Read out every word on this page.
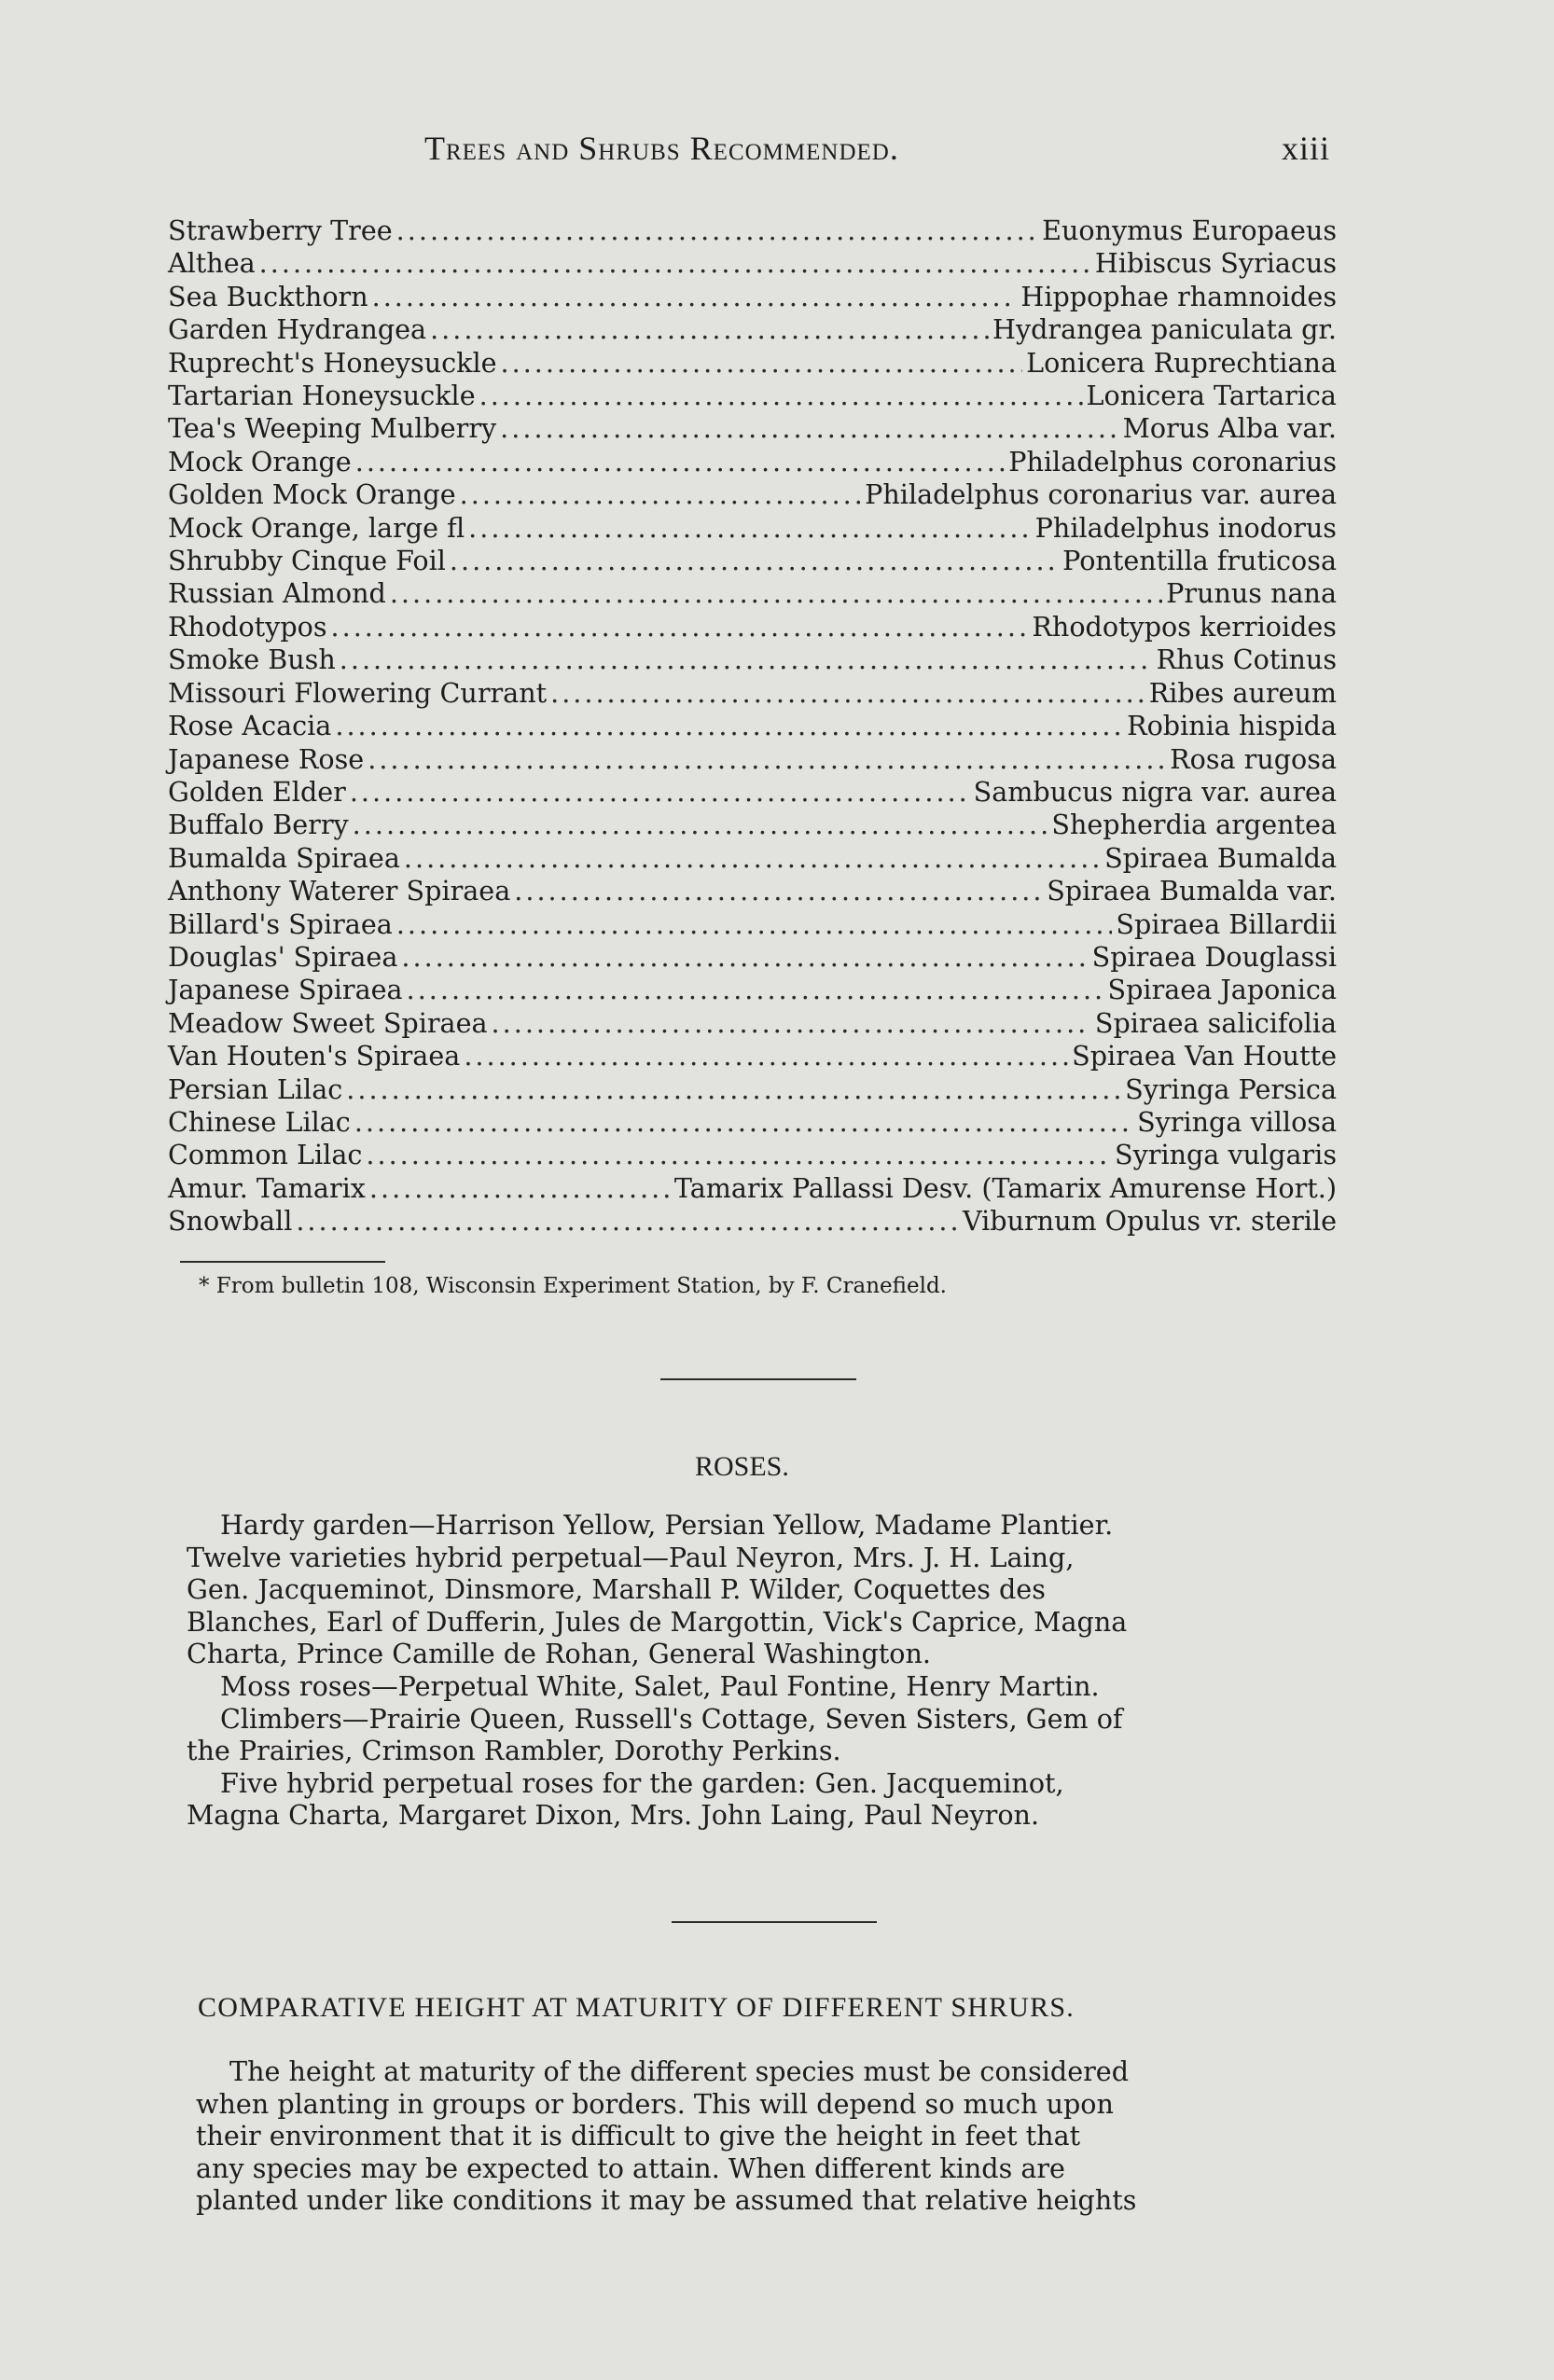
Trees and Shrubs Recommended.	xiii
Strawberry Tree .....	Euonymus Europaeus
Althea .....	Hibiscus Syriacus
Sea Buckthorn .....	Hippophae rhamnoides
Garden Hydrangea .....	Hydrangea paniculata gr.
Ruprecht's Honeysuckle .....	Lonicera Ruprechtiana
Tartarian Honeysuckle .....	Lonicera Tartarica
Tea's Weeping Mulberry .....	Morus Alba var.
Mock Orange .....	Philadelphus coronarius
Golden Mock Orange .....	Philadelphus coronarius var. aurea
Mock Orange, large fl .....	Philadelphus inodorus
Shrubby Cinque Foil .....	Pontentilla fruticosa
Russian Almond .....	Prunus nana
Rhodotypos .....	Rhodotypos kerrioides
Smoke Bush .....	Rhus Cotinus
Missouri Flowering Currant .....	Ribes aureum
Rose Acacia .....	Robinia hispida
Japanese Rose .....	Rosa rugosa
Golden Elder .....	Sambucus nigra var. aurea
Buffalo Berry .....	Shepherdia argentea
Bumalda Spiraea .....	Spiraea Bumalda
Anthony Waterer Spiraea .....	Spiraea Bumalda var.
Billard's Spiraea .....	Spiraea Billardii
Douglas' Spiraea .....	Spiraea Douglassi
Japanese Spiraea .....	Spiraea Japonica
Meadow Sweet Spiraea .....	Spiraea salicifolia
Van Houten's Spiraea .....	Spiraea Van Houtte
Persian Lilac .....	Syringa Persica
Chinese Lilac .....	Syringa villosa
Common Lilac .....	Syringa vulgaris
Amur. Tamarix .....	Tamarix Pallassi Desv. (Tamarix Amurense Hort.)
Snowball .....	Viburnum Opulus vr. sterile
* From bulletin 108, Wisconsin Experiment Station, by F. Cranefield.
ROSES.

Hardy garden—Harrison Yellow, Persian Yellow, Madame Plantier.

Twelve varieties hybrid perpetual—Paul Neyron, Mrs. J. H. Laing,

Gen. Jacqueminot, Dinsmore, Marshall P. Wilder, Coquettes des

Blanches, Earl of Dufferin, Jules de Margottin, Vick's Caprice, Magna

Charta, Prince Camille de Rohan, General Washington.

Moss roses—Perpetual White, Salet, Paul Fontine, Henry Martin.

Climbers—Prairie Queen, Russell's Cottage, Seven Sisters, Gem of

the Prairies, Crimson Rambler, Dorothy Perkins.

Five hybrid perpetual roses for the garden: Gen. Jacqueminot,

Magna Charta, Margaret Dixon, Mrs. John Laing, Paul Neyron.

COMPARATIVE HEIGHT AT MATURITY OF DIFFERENT SHRURS.

The height at maturity of the different species must be considered

when planting in groups or borders. This will depend so much upon

their environment that it is difficult to give the height in feet that

any species may be expected to attain. When different kinds are

planted under like conditions it may be assumed that relative heights
